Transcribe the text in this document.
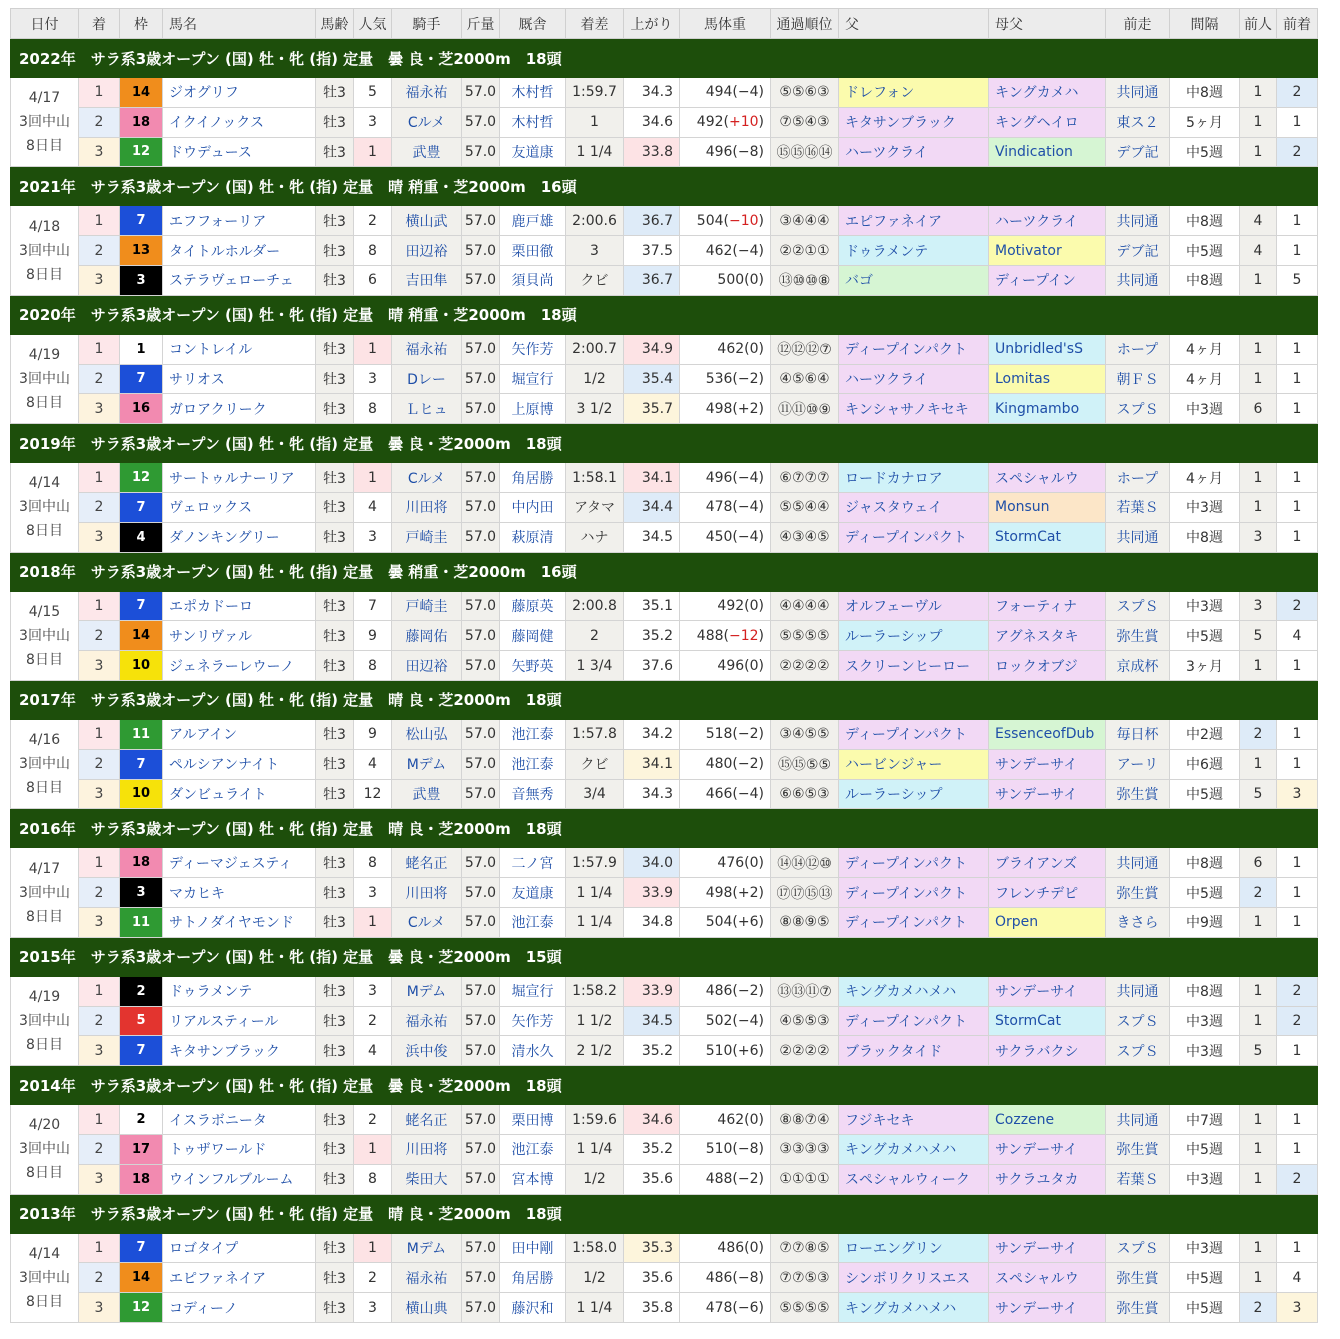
日付	着	枠	馬名	馬齢	人気	騎手	斤量	厩舎	着差	上がり	馬体重	通過順位	父	母父	前走	間隔	前人	前着
2022年　サラ系3歳オープン (国) 牡・牝 (指) 定量　曇 良・芝2000m　18頭																		

4/17
3回中山
8日目	1	14	ジオグリフ	牡3	5	福永祐	57.0	木村哲	1:59.7	34.3	494(−4)	⑤⑤⑥③	ドレフォン	キングカメハ	共同通	中8週	1	2
	2	18	イクイノックス	牡3	3	Cルメ	57.0	木村哲	1	34.6	492(+10)	⑦⑤④③	キタサンブラック	キングヘイロ	東ス２	5ヶ月	1	1
	3	12	ドウデュース	牡3	1	武豊	57.0	友道康	1 1/4	33.8	496(−8)	⑮⑮⑯⑭	ハーツクライ	Vindication	デブ記	中5週	1	2
2021年　サラ系3歳オープン (国) 牡・牝 (指) 定量　晴 稍重・芝2000m　16頭																		

4/18
3回中山
8日目	1	7	エフフォーリア	牡3	2	横山武	57.0	鹿戸雄	2:00.6	36.7	504(−10)	③④④④	エピファネイア	ハーツクライ	共同通	中8週	4	1
	2	13	タイトルホルダー	牡3	8	田辺裕	57.0	栗田徹	3	37.5	462(−4)	②②①①	ドゥラメンテ	Motivator	デブ記	中5週	4	1
	3	3	ステラヴェローチェ	牡3	6	吉田隼	57.0	須貝尚	クビ	36.7	500(0)	⑬⑩⑩⑧	バゴ	ディープイン	共同通	中8週	1	5
2020年　サラ系3歳オープン (国) 牡・牝 (指) 定量　晴 稍重・芝2000m　18頭																		

4/19
3回中山
8日目	1	1	コントレイル	牡3	1	福永祐	57.0	矢作芳	2:00.7	34.9	462(0)	⑫⑫⑫⑦	ディープインパクト	Unbridled'sS	ホープ	4ヶ月	1	1
	2	7	サリオス	牡3	3	Dレー	57.0	堀宣行	1/2	35.4	536(−2)	④⑤⑥④	ハーツクライ	Lomitas	朝ＦＳ	4ヶ月	1	1
	3	16	ガロアクリーク	牡3	8	Ｌヒュ	57.0	上原博	3 1/2	35.7	498(+2)	⑪⑪⑩⑨	キンシャサノキセキ	Kingmambo	スプＳ	中3週	6	1
2019年　サラ系3歳オープン (国) 牡・牝 (指) 定量　曇 良・芝2000m　18頭																		

4/14
3回中山
8日目	1	12	サートゥルナーリア	牡3	1	Cルメ	57.0	角居勝	1:58.1	34.1	496(−4)	⑥⑦⑦⑦	ロードカナロア	スペシャルウ	ホープ	4ヶ月	1	1
	2	7	ヴェロックス	牡3	4	川田将	57.0	中内田	アタマ	34.4	478(−4)	⑤⑤④④	ジャスタウェイ	Monsun	若葉Ｓ	中3週	1	1
	3	4	ダノンキングリー	牡3	3	戸崎圭	57.0	萩原清	ハナ	34.5	450(−4)	④③④⑤	ディープインパクト	StormCat	共同通	中8週	3	1
2018年　サラ系3歳オープン (国) 牡・牝 (指) 定量　曇 稍重・芝2000m　16頭																		

4/15
3回中山
8日目	1	7	エポカドーロ	牡3	7	戸崎圭	57.0	藤原英	2:00.8	35.1	492(0)	④④④④	オルフェーヴル	フォーティナ	スプＳ	中3週	3	2
	2	14	サンリヴァル	牡3	9	藤岡佑	57.0	藤岡健	2	35.2	488(−12)	⑤⑤⑤⑤	ルーラーシップ	アグネスタキ	弥生賞	中5週	5	4
	3	10	ジェネラーレウーノ	牡3	8	田辺裕	57.0	矢野英	1 3/4	37.6	496(0)	②②②②	スクリーンヒーロー	ロックオブジ	京成杯	3ヶ月	1	1
2017年　サラ系3歳オープン (国) 牡・牝 (指) 定量　晴 良・芝2000m　18頭																		

4/16
3回中山
8日目	1	11	アルアイン	牡3	9	松山弘	57.0	池江泰	1:57.8	34.2	518(−2)	③④⑤⑤	ディープインパクト	EssenceofDub	毎日杯	中2週	2	1
	2	7	ペルシアンナイト	牡3	4	Mデム	57.0	池江泰	クビ	34.1	480(−2)	⑮⑮⑤⑤	ハービンジャー	サンデーサイ	アーリ	中6週	1	1
	3	10	ダンビュライト	牡3	12	武豊	57.0	音無秀	3/4	34.3	466(−4)	⑥⑥⑤③	ルーラーシップ	サンデーサイ	弥生賞	中5週	5	3
2016年　サラ系3歳オープン (国) 牡・牝 (指) 定量　晴 良・芝2000m　18頭																		

4/17
3回中山
8日目	1	18	ディーマジェスティ	牡3	8	蛯名正	57.0	二ノ宮	1:57.9	34.0	476(0)	⑭⑭⑫⑩	ディープインパクト	ブライアンズ	共同通	中8週	6	1
	2	3	マカヒキ	牡3	3	川田将	57.0	友道康	1 1/4	33.9	498(+2)	⑰⑰⑮⑬	ディープインパクト	フレンチデピ	弥生賞	中5週	2	1
	3	11	サトノダイヤモンド	牡3	1	Cルメ	57.0	池江泰	1 1/4	34.8	504(+6)	⑧⑧⑨⑤	ディープインパクト	Orpen	きさら	中9週	1	1
2015年　サラ系3歳オープン (国) 牡・牝 (指) 定量　曇 良・芝2000m　15頭																		

4/19
3回中山
8日目	1	2	ドゥラメンテ	牡3	3	Mデム	57.0	堀宣行	1:58.2	33.9	486(−2)	⑬⑬⑪⑦	キングカメハメハ	サンデーサイ	共同通	中8週	1	2
	2	5	リアルスティール	牡3	2	福永祐	57.0	矢作芳	1 1/2	34.5	502(−4)	④⑤⑤③	ディープインパクト	StormCat	スプＳ	中3週	1	2
	3	7	キタサンブラック	牡3	4	浜中俊	57.0	清水久	2 1/2	35.2	510(+6)	②②②②	ブラックタイド	サクラバクシ	スプＳ	中3週	5	1
2014年　サラ系3歳オープン (国) 牡・牝 (指) 定量　曇 良・芝2000m　18頭																		

4/20
3回中山
8日目	1	2	イスラボニータ	牡3	2	蛯名正	57.0	栗田博	1:59.6	34.6	462(0)	⑧⑧⑦④	フジキセキ	Cozzene	共同通	中7週	1	1
	2	17	トゥザワールド	牡3	1	川田将	57.0	池江泰	1 1/4	35.2	510(−8)	③③③③	キングカメハメハ	サンデーサイ	弥生賞	中5週	1	1
	3	18	ウインフルブルーム	牡3	8	柴田大	57.0	宮本博	1/2	35.6	488(−2)	①①①①	スペシャルウィーク	サクラユタカ	若葉Ｓ	中3週	1	2
2013年　サラ系3歳オープン (国) 牡・牝 (指) 定量　晴 良・芝2000m　18頭																		

4/14
3回中山
8日目	1	7	ロゴタイプ	牡3	1	Mデム	57.0	田中剛	1:58.0	35.3	486(0)	⑦⑦⑧⑤	ローエングリン	サンデーサイ	スプＳ	中3週	1	1
	2	14	エピファネイア	牡3	2	福永祐	57.0	角居勝	1/2	35.6	486(−8)	⑦⑦⑤③	シンボリクリスエス	スペシャルウ	弥生賞	中5週	1	4
	3	12	コディーノ	牡3	3	横山典	57.0	藤沢和	1 1/4	35.8	478(−6)	⑤⑤⑤⑤	キングカメハメハ	サンデーサイ	弥生賞	中5週	2	3
